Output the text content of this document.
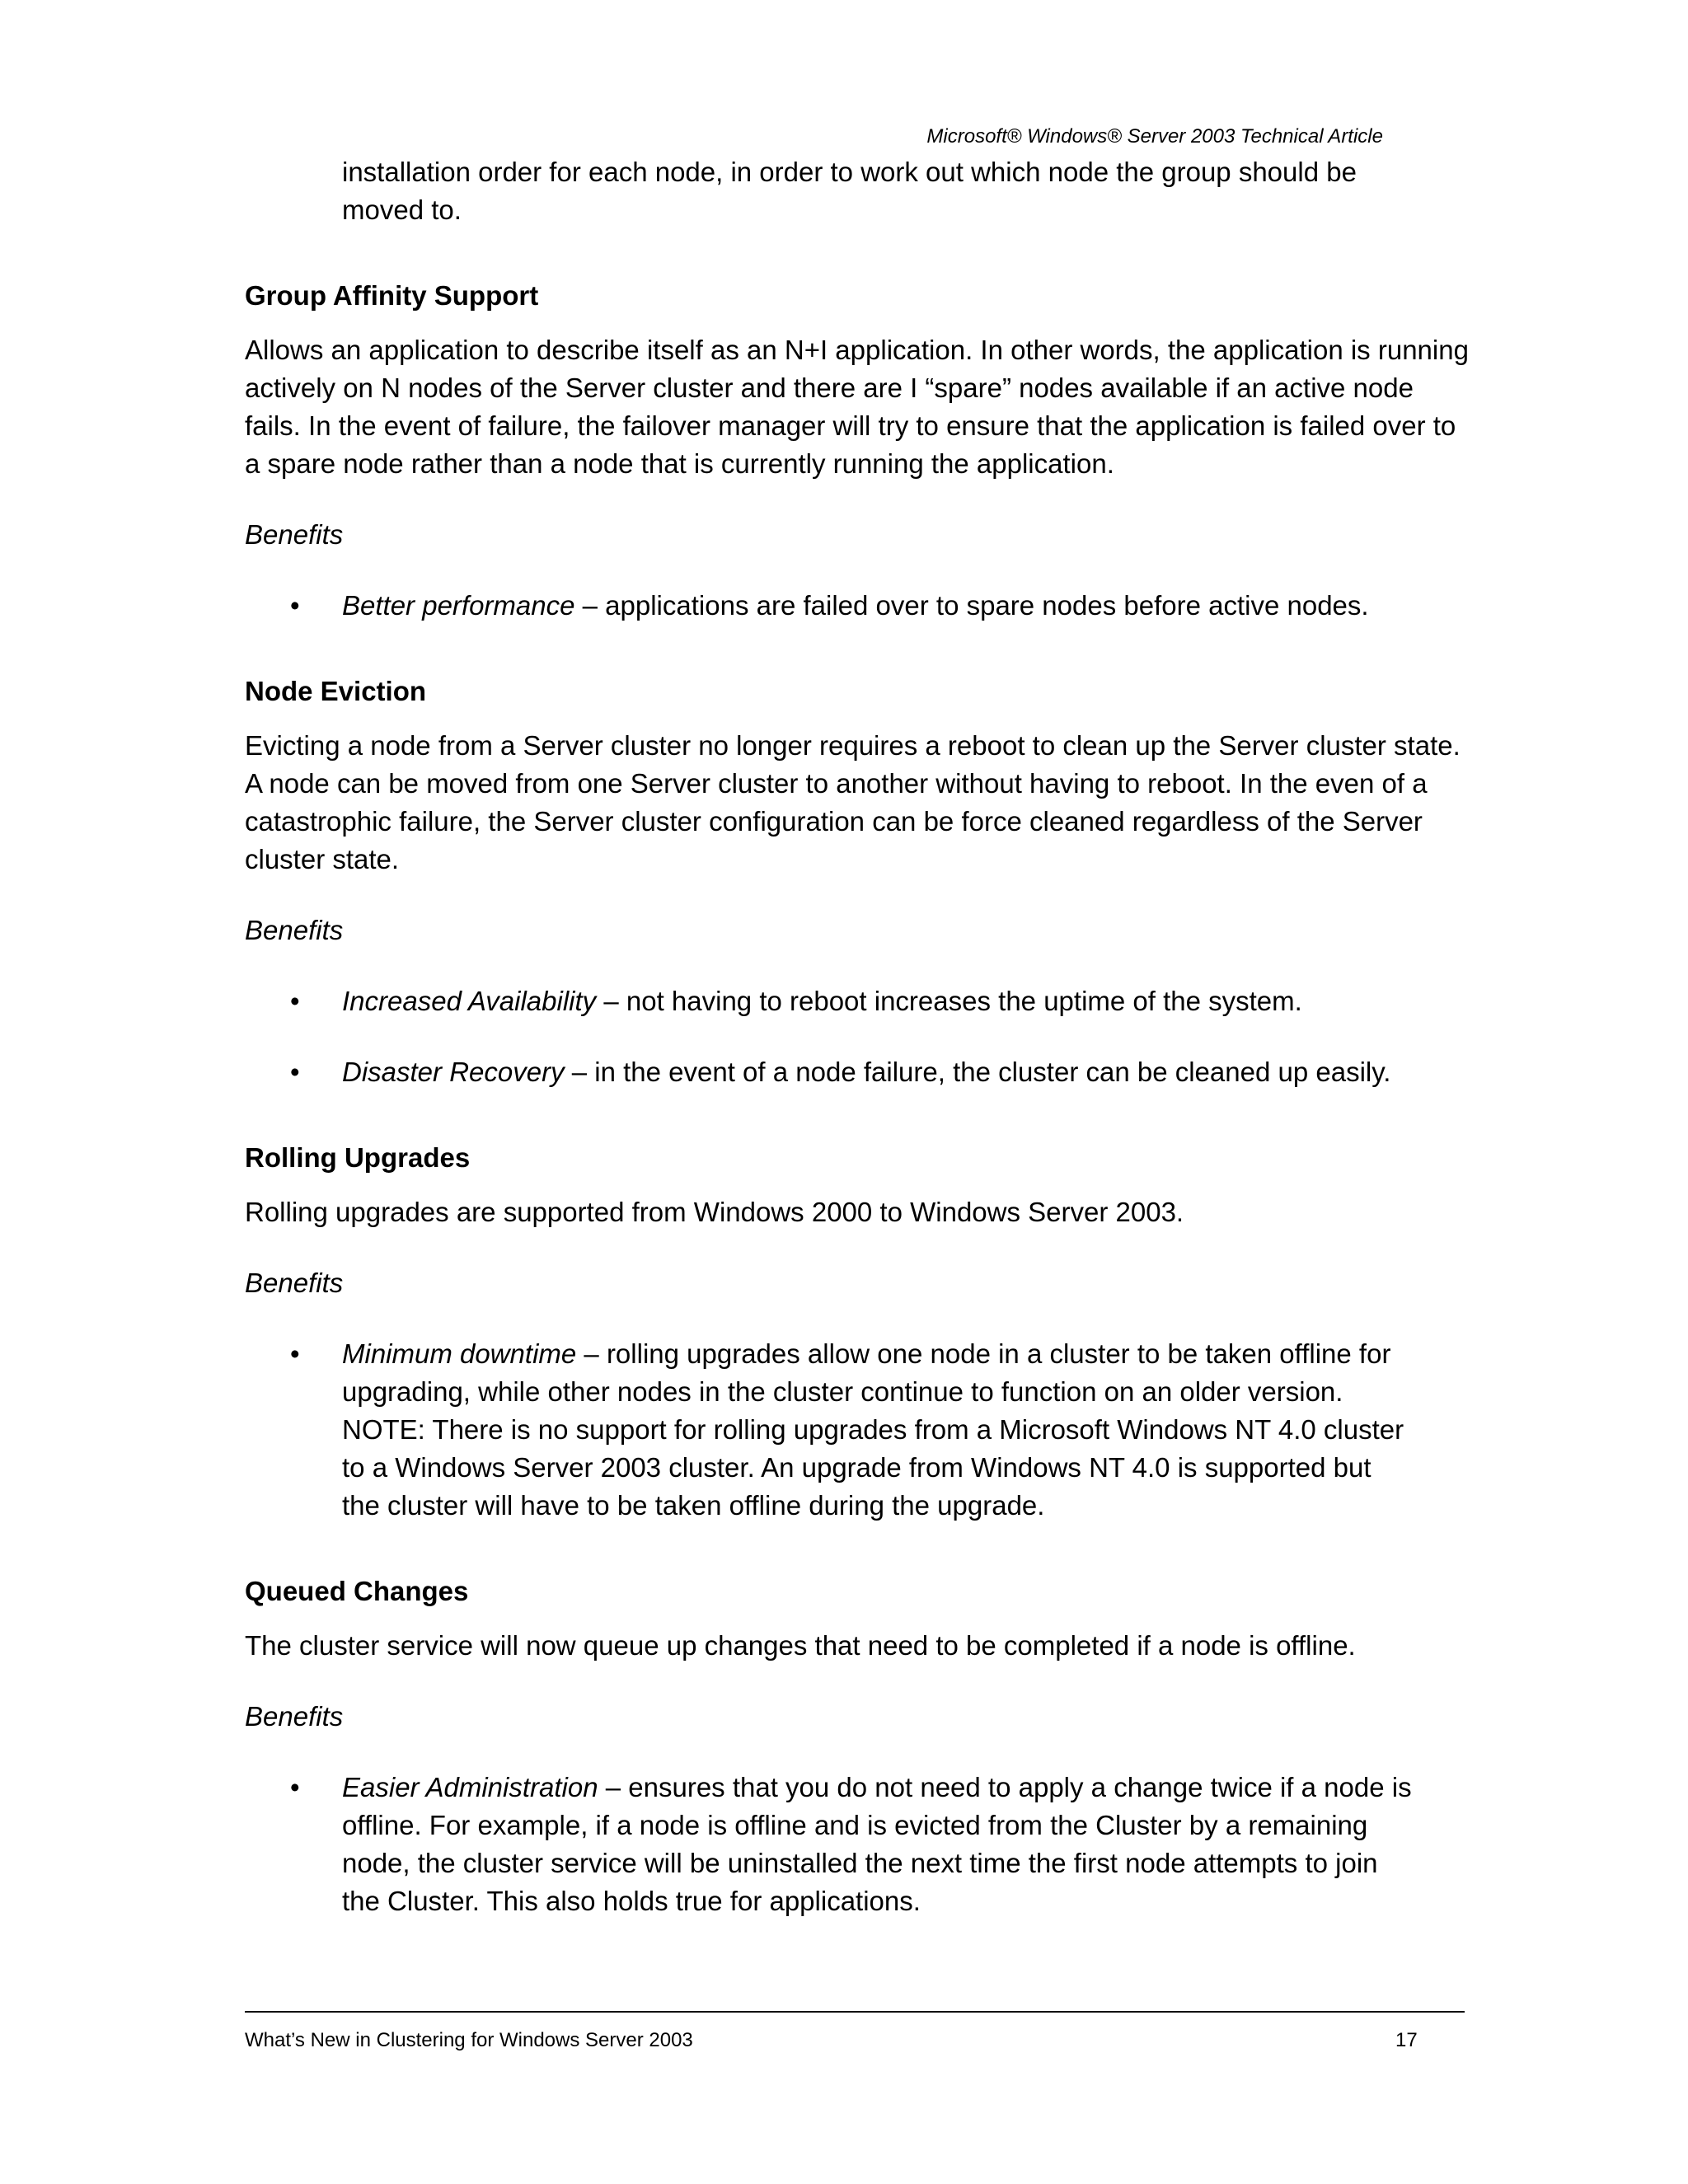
Microsoft® Windows® Server 2003 Technical Article

installation order for each node, in order to work out which node the group should be
moved to.

Group Affinity Support

Allows an application to describe itself as an N+I application. In other words, the application is running
actively on N nodes of the Server cluster and there are I “spare” nodes available if an active node
fails. In the event of failure, the failover manager will try to ensure that the application is failed over to
a spare node rather than a node that is currently running the application.

Benefits

• Better performance – applications are failed over to spare nodes before active nodes.

Node Eviction

Evicting a node from a Server cluster no longer requires a reboot to clean up the Server cluster state.
A node can be moved from one Server cluster to another without having to reboot. In the even of a
catastrophic failure, the Server cluster configuration can be force cleaned regardless of the Server
cluster state.

Benefits

• Increased Availability – not having to reboot increases the uptime of the system.
• Disaster Recovery – in the event of a node failure, the cluster can be cleaned up easily.

Rolling Upgrades

Rolling upgrades are supported from Windows 2000 to Windows Server 2003.

Benefits

• Minimum downtime – rolling upgrades allow one node in a cluster to be taken offline for
upgrading, while other nodes in the cluster continue to function on an older version.
NOTE: There is no support for rolling upgrades from a Microsoft Windows NT 4.0 cluster
to a Windows Server 2003 cluster. An upgrade from Windows NT 4.0 is supported but
the cluster will have to be taken offline during the upgrade.

Queued Changes

The cluster service will now queue up changes that need to be completed if a node is offline.

Benefits

• Easier Administration – ensures that you do not need to apply a change twice if a node is
offline. For example, if a node is offline and is evicted from the Cluster by a remaining
node, the cluster service will be uninstalled the next time the first node attempts to join
the Cluster. This also holds true for applications.
What’s New in Clustering for Windows Server 2003	17
